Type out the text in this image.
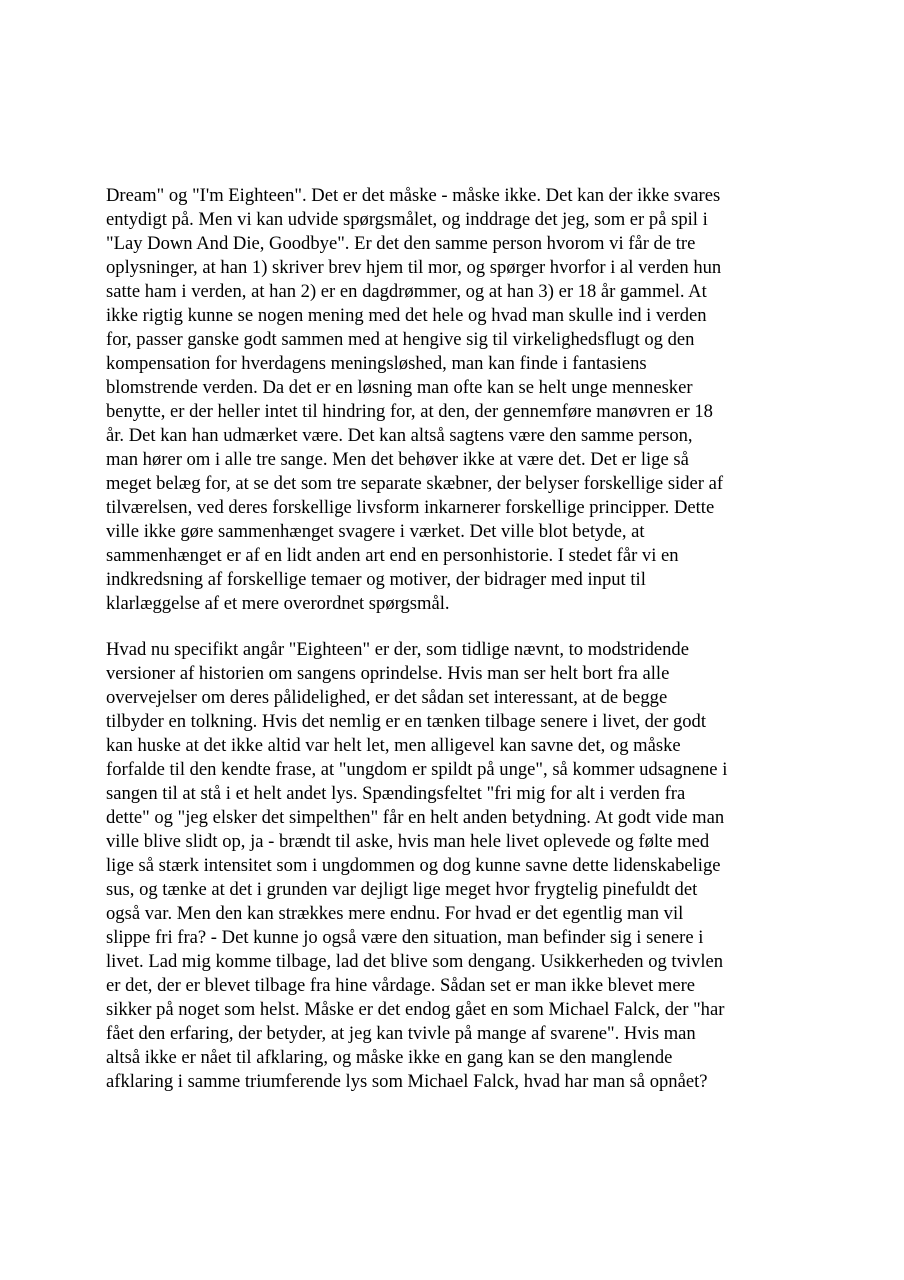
Dream" og "I'm Eighteen". Det er det måske - måske ikke. Det kan der ikke svares
entydigt på. Men vi kan udvide spørgsmålet, og inddrage det jeg, som er på spil i
"Lay Down And Die, Goodbye". Er det den samme person hvorom vi får de tre
oplysninger, at han 1) skriver brev hjem til mor, og spørger hvorfor i al verden hun
satte ham i verden, at han 2) er en dagdrømmer, og at han 3) er 18 år gammel. At
ikke rigtig kunne se nogen mening med det hele og hvad man skulle ind i verden
for, passer ganske godt sammen med at hengive sig til virkelighedsflugt og den
kompensation for hverdagens meningsløshed, man kan finde i fantasiens
blomstrende verden. Da det er en løsning man ofte kan se helt unge mennesker
benytte, er der heller intet til hindring for, at den, der gennemføre manøvren er 18
år. Det kan han udmærket være. Det kan altså sagtens være den samme person,
man hører om i alle tre sange. Men det behøver ikke at være det. Det er lige så
meget belæg for, at se det som tre separate skæbner, der belyser forskellige sider af
tilværelsen, ved deres forskellige livsform inkarnerer forskellige principper. Dette
ville ikke gøre sammenhænget svagere i værket. Det ville blot betyde, at
sammenhænget er af en lidt anden art end en personhistorie. I stedet får vi en
indkredsning af forskellige temaer og motiver, der bidrager med input til
klarlæggelse af et mere overordnet spørgsmål.
Hvad nu specifikt angår "Eighteen" er der, som tidlige nævnt, to modstridende
versioner af historien om sangens oprindelse. Hvis man ser helt bort fra alle
overvejelser om deres pålidelighed, er det sådan set interessant, at de begge
tilbyder en tolkning. Hvis det nemlig er en tænken tilbage senere i livet, der godt
kan huske at det ikke altid var helt let, men alligevel kan savne det, og måske
forfalde til den kendte frase, at "ungdom er spildt på unge", så kommer udsagnene i
sangen til at stå i et helt andet lys. Spændingsfeltet "fri mig for alt i verden fra
dette" og "jeg elsker det simpelthen" får en helt anden betydning. At godt vide man
ville blive slidt op, ja - brændt til aske, hvis man hele livet oplevede og følte med
lige så stærk intensitet som i ungdommen og dog kunne savne dette lidenskabelige
sus, og tænke at det i grunden var dejligt lige meget hvor frygtelig pinefuldt det
også var. Men den kan strækkes mere endnu. For hvad er det egentlig man vil
slippe fri fra? - Det kunne jo også være den situation, man befinder sig i senere i
livet. Lad mig komme tilbage, lad det blive som dengang. Usikkerheden og tvivlen
er det, der er blevet tilbage fra hine vårdage. Sådan set er man ikke blevet mere
sikker på noget som helst. Måske er det endog gået en som Michael Falck, der "har
fået den erfaring, der betyder, at jeg kan tvivle på mange af svarene". Hvis man
altså ikke er nået til afklaring, og måske ikke en gang kan se den manglende
afklaring i samme triumferende lys som Michael Falck, hvad har man så opnået?
